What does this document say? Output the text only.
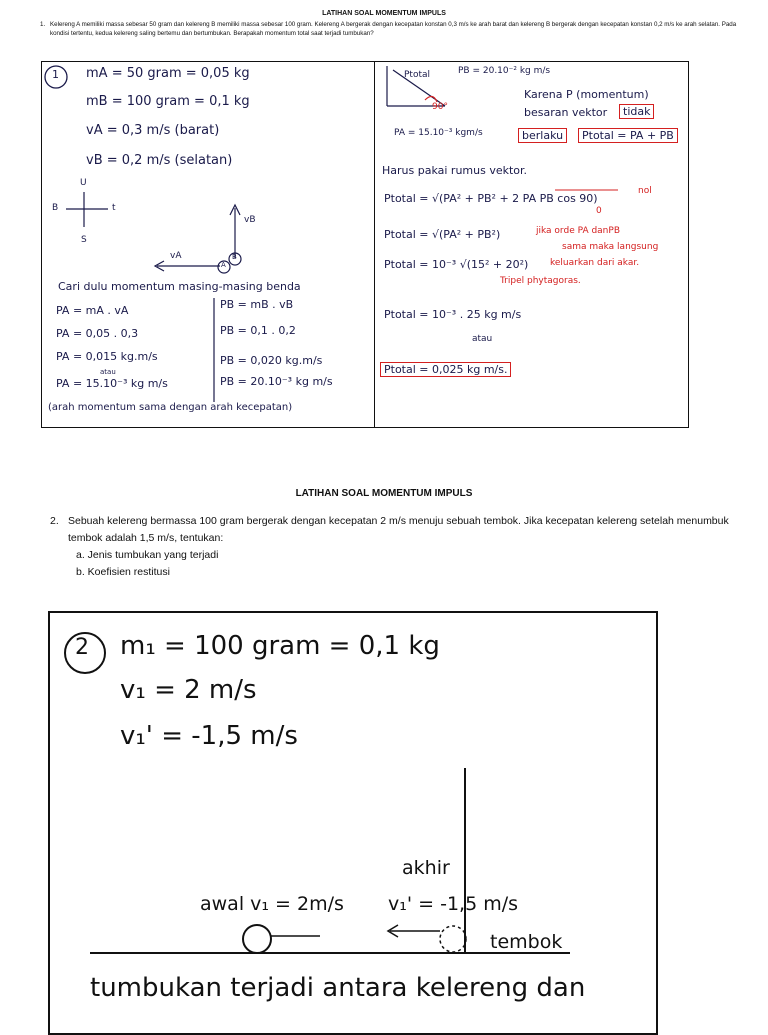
LATIHAN SOAL MOMENTUM IMPULS
1. Kelereng A memiliki massa sebesar 50 gram dan kelereng B memiliki massa sebesar 100 gram. Kelereng A bergerak dengan kecepatan konstan 0,3 m/s ke arah barat dan kelereng B bergerak dengan kecepatan konstan 0,2 m/s ke arah selatan. Pada kondisi tertentu, kedua kelereng saling bertemu dan bertumbukan. Berapakah momentum total saat terjadi tumbukan?
1 mA = 50 gram = 0,05 kg
mB = 100 gram = 0,1 kg
vA = 0,3 m/s (barat)
vB = 0,2 m/s (selatan)
U
B	t
S
vB
vA
A
B
Cari dulu momentum masing-masing benda
PA = mA . vA
PA = 0,05 . 0,3
PA = 0,015 kg.m/s
atau
PA = 15.10⁻³ kg m/s
PB = mB . vB
PB = 0,1 . 0,2
PB = 0,020 kg.m/s
PB = 20.10⁻³ kg m/s
(arah momentum sama dengan arah kecepatan)
Ptotal	PB = 20.10⁻² kg m/s
90°
PA = 15.10⁻³ kgm/s
Karena P (momentum)
besaran vektor	tidak
berlaku	Ptotal = PA + PB
Harus pakai rumus vektor.
Ptotal = √(PA² + PB² + 2 PA PB cos 90)
nol
0
Ptotal = √(PA² + PB²)	jika orde PA danPB
sama maka langsung
Ptotal = 10⁻³ √(15² + 20²) keluarkan dari akar.
Tripel phytagoras.
Ptotal = 10⁻³ . 25 kg m/s
atau
Ptotal = 0,025 kg m/s.
LATIHAN SOAL MOMENTUM IMPULS
2. Sebuah kelereng bermassa 100 gram bergerak dengan kecepatan 2 m/s menuju sebuah tembok. Jika kecepatan kelereng setelah menumbuk tembok adalah 1,5 m/s, tentukan:
a. Jenis tumbukan yang terjadi
b. Koefisien restitusi
2 m₁ = 100 gram = 0,1 kg
v₁ = 2 m/s
v₁' = -1,5 m/s
akhir
awal v₁ = 2m/s v₁' = -1,5 m/s
tembok
tumbukan terjadi antara kelereng dan
